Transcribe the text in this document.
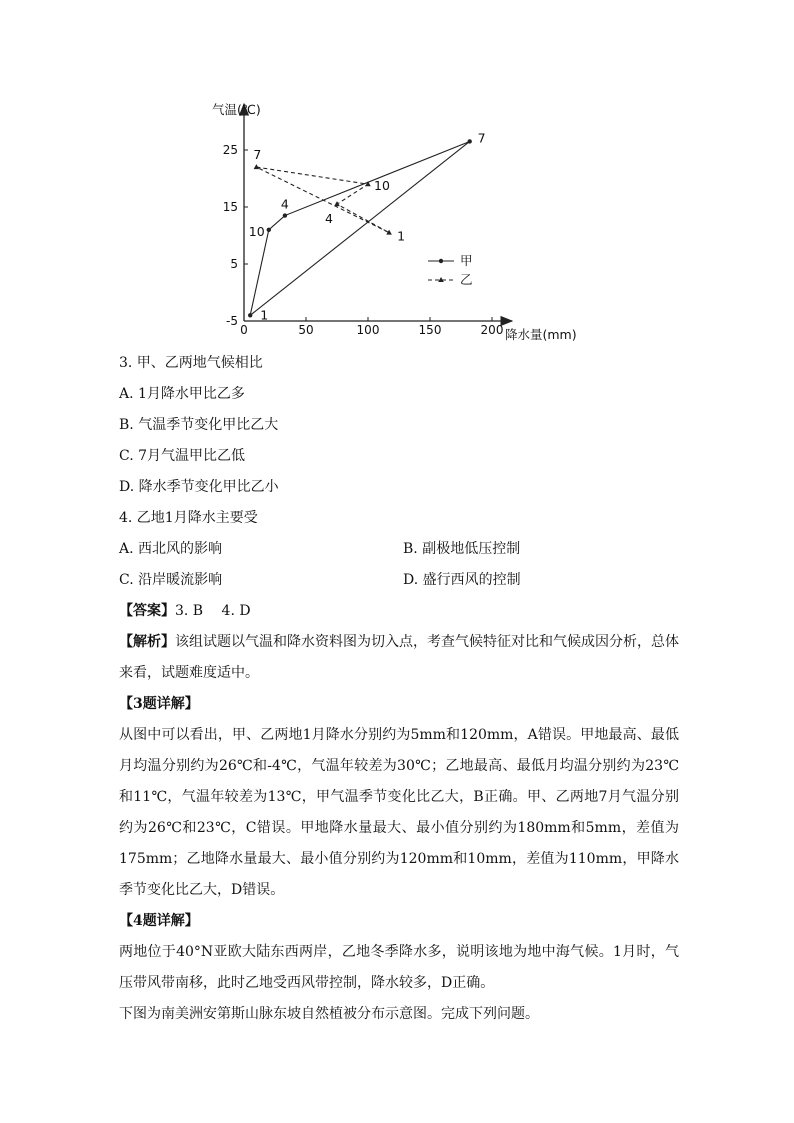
气温(℃)
降水量(mm)
0	50	100	150	200
-5
5
15
25
1
10
4
7
7
10
4
1
甲
乙
3. 甲、乙两地气候相比
A. 1月降水甲比乙多
B. 气温季节变化甲比乙大
C. 7月气温甲比乙低
D. 降水季节变化甲比乙小
4. 乙地1月降水主要受
A. 西北风的影响	B. 副极地低压控制
C. 沿岸暖流影响	D. 盛行西风的控制
【答案】3. B　 4. D
【解析】该组试题以气温和降水资料图为切入点，考查气候特征对比和气候成因分析，总体来看，试题难度适中。
【3题详解】
从图中可以看出，甲、乙两地1月降水分别约为5mm和120mm，A错误。甲地最高、最低月均温分别约为26℃和-4℃，气温年较差为30℃；乙地最高、最低月均温分别约为23℃和11℃，气温年较差为13℃，甲气温季节变化比乙大，B正确。甲、乙两地7月气温分别约为26℃和23℃，C错误。甲地降水量最大、最小值分别约为180mm和5mm，差值为175mm；乙地降水量最大、最小值分别约为120mm和10mm，差值为110mm，甲降水季节变化比乙大，D错误。
【4题详解】
两地位于40°N亚欧大陆东西两岸，乙地冬季降水多，说明该地为地中海气候。1月时，气压带风带南移，此时乙地受西风带控制，降水较多，D正确。
下图为南美洲安第斯山脉东坡自然植被分布示意图。完成下列问题。
